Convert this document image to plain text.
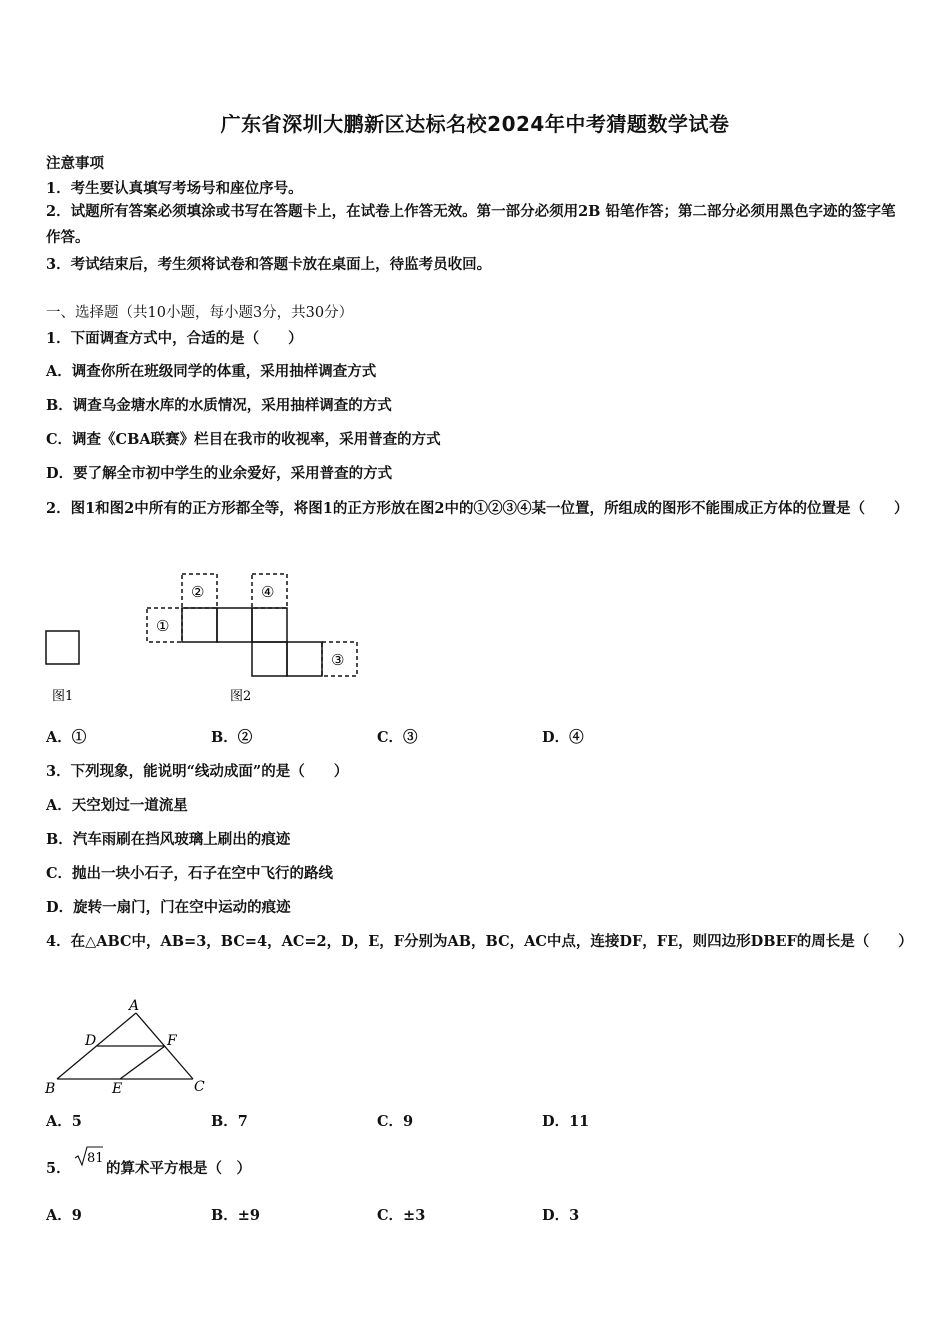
广东省深圳大鹏新区达标名校2024年中考猜题数学试卷
注意事项
1．考生要认真填写考场号和座位序号。
2．试题所有答案必须填涂或书写在答题卡上，在试卷上作答无效。第一部分必须用2B 铅笔作答；第二部分必须用黑色字迹的签字笔作答。
3．考试结束后，考生须将试卷和答题卡放在桌面上，待监考员收回。
一、选择题（共10小题，每小题3分，共30分）
1．下面调查方式中，合适的是（　　）
A．调查你所在班级同学的体重，采用抽样调查方式
B．调查乌金塘水库的水质情况，采用抽样调查的方式
C．调查《CBA联赛》栏目在我市的收视率，采用普查的方式
D．要了解全市初中学生的业余爱好，采用普查的方式
2．图1和图2中所有的正方形都全等，将图1的正方形放在图2中的①②③④某一位置，所组成的图形不能围成正方体的位置是（　　）
图1
①
②
③
④
图2
A．①	B．②	C．③	D．④
3．下列现象，能说明“线动成面”的是（　　）
A．天空划过一道流星
B．汽车雨刷在挡风玻璃上刷出的痕迹
C．抛出一块小石子，石子在空中飞行的路线
D．旋转一扇门，门在空中运动的痕迹
4．在△ABC中，AB=3，BC=4，AC=2，D，E，F分别为AB，BC，AC中点，连接DF，FE，则四边形DBEF的周长是（　　）
A
B	C
D
E
F
A．5	B．7	C．9	D．11
5．
81
的算术平方根是（　）
A．9	B．±9	C．±3	D．3
